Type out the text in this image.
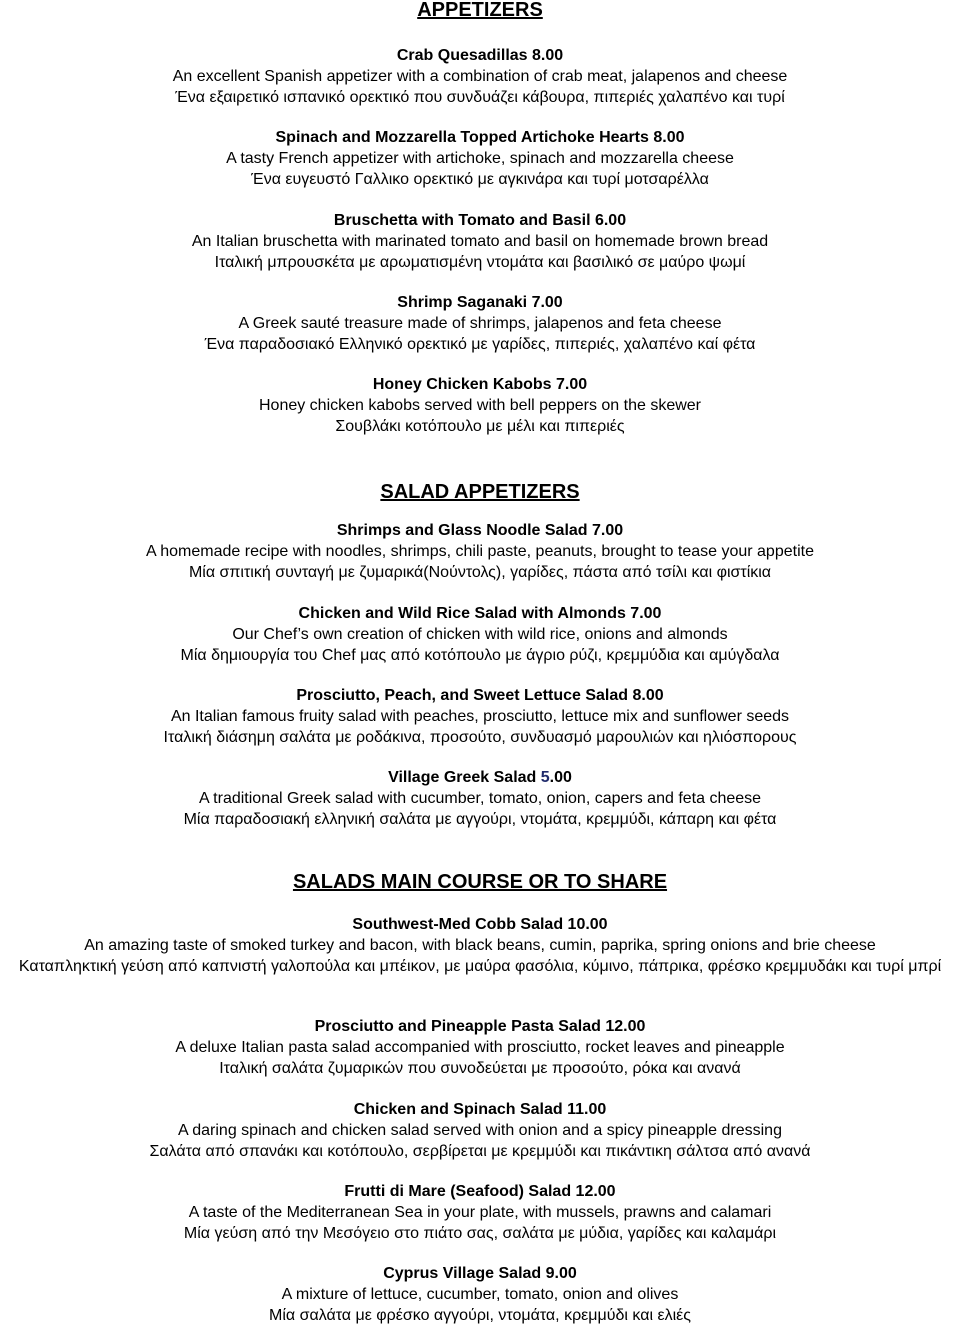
APPETIZERS

Crab Quesadillas 8.00

An excellent Spanish appetizer with a combination of crab meat, jalapenos and cheese

Ένα εξαιρετικό ισπανικό ορεκτικό που συνδυάζει κάβουρα, πιπεριές χαλαπένο και τυρί

Spinach and Mozzarella Topped Artichoke Hearts 8.00

A tasty French appetizer with artichoke, spinach and mozzarella cheese

Ένα ευγευστό Γαλλικο ορεκτικό με αγκινάρα και τυρί μοτσαρέλλα

Bruschetta with Tomato and Basil 6.00

An Italian bruschetta with marinated tomato and basil on homemade brown bread

Ιταλική μπρουσκέτα με αρωματισμένη ντομάτα και βασιλικό σε μαύρο ψωμί

Shrimp Saganaki 7.00

A Greek sauté treasure made of shrimps, jalapenos and feta cheese

Ένα παραδοσιακό Ελληνικό ορεκτικό με γαρίδες, πιπεριές, χαλαπένο καί φέτα

Honey Chicken Kabobs 7.00

Honey chicken kabobs served with bell peppers on the skewer

Σουβλάκι κοτόπουλο με μέλι και πιπεριές

SALAD APPETIZERS

Shrimps and Glass Noodle Salad 7.00

A homemade recipe with noodles, shrimps, chili paste, peanuts, brought to tease your appetite

Μία σπιτική συνταγή με ζυμαρικά(Νούντολς), γαρίδες, πάστα από τσίλι και φιστίκια

Chicken and Wild Rice Salad with Almonds 7.00

Our Chef’s own creation of chicken with wild rice, onions and almonds

Μία δημιουργία του Chef μας από κοτόπουλο με άγριο ρύζι, κρεμμύδια και αμύγδαλα

Prosciutto, Peach, and Sweet Lettuce Salad 8.00

An Italian famous fruity salad with peaches, prosciutto, lettuce mix and sunflower seeds

Ιταλική διάσημη σαλάτα με ροδάκινα, προσούτο, συνδυασμό μαρουλιών και ηλιόσπορους

Village Greek Salad 5.00

A traditional Greek salad with cucumber, tomato, onion, capers and feta cheese

Μία παραδοσιακή ελληνική σαλάτα με αγγούρι, ντομάτα, κρεμμύδι, κάπαρη και φέτα

SALADS MAIN COURSE OR TO SHARE

Southwest-Med Cobb Salad 10.00

An amazing taste of smoked turkey and bacon, with black beans, cumin, paprika, spring onions and brie cheese

Καταπληκτική γεύση από καπνιστή γαλοπούλα και μπέικον, με μαύρα φασόλια, κύμινο, πάπρικα, φρέσκο κρεμμυδάκι και τυρί μπρί

Prosciutto and Pineapple Pasta Salad 12.00

A deluxe Italian pasta salad accompanied with prosciutto, rocket leaves and pineapple

Ιταλική σαλάτα ζυμαρικών που συνοδεύεται με προσούτο, ρόκα και ανανά

Chicken and Spinach Salad 11.00

A daring spinach and chicken salad served with onion and a spicy pineapple dressing

Σαλάτα από σπανάκι και κοτόπουλο, σερβίρεται με κρεμμύδι και πικάντικη σάλτσα από ανανά

Frutti di Mare (Seafood) Salad 12.00

A taste of the Mediterranean Sea in your plate, with mussels, prawns and calamari

Μία γεύση από την Μεσόγειο στο πιάτο σας, σαλάτα με μύδια, γαρίδες και καλαμάρι

Cyprus Village Salad 9.00

A mixture of lettuce, cucumber, tomato, onion and olives

Μία σαλάτα με φρέσκο αγγούρι, ντομάτα, κρεμμύδι και ελιές
